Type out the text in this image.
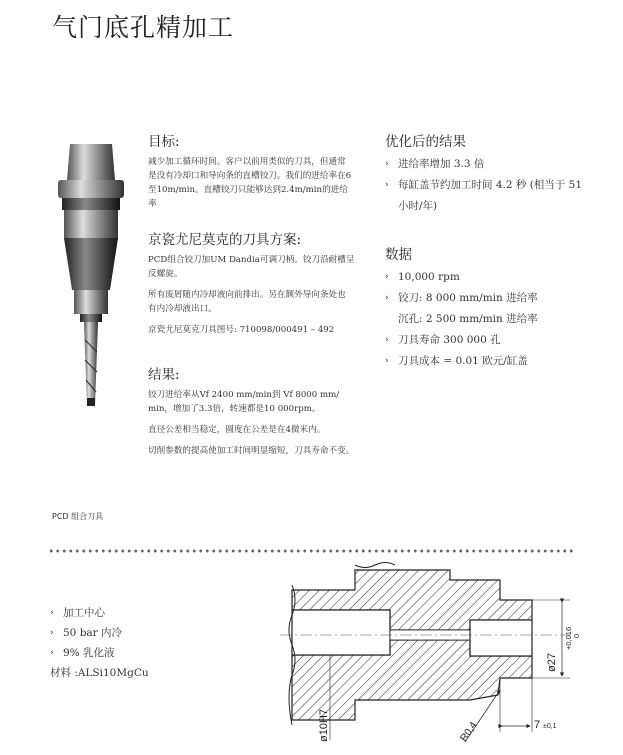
气门底孔精加工
目标:

减少加工循环时间。客户以前用类似的刀具，但通常

是没有冷却口和导向条的直槽铰刀。我们的进给率在6

至10m/min。直槽铰刀只能够达到2.4m/min的进给

率

京瓷尤尼莫克的刀具方案:

PCD组合铰刀加UM Dandia可调刀柄。铰刀沿耐槽呈

反螺旋。

所有废屑随内冷却液向前排出。另在额外导向条处也

有内冷却液出口。

京瓷尤尼莫克刀具图号: 710098/000491 – 492

结果:

铰刀进给率从Vf 2400 mm/min到 Vf 8000 mm/

min，增加了3.3倍，转速都是10 000rpm。

直径公差相当稳定，圆度在公差是在4微米内。

切削参数的提高使加工时间明显缩短，刀具寿命不变。

优化后的结果
› 进给率增加 3.3 倍
› 每缸盖节约加工时间 4.2 秒 (相当于 51
小时/年)
数据
› 10,000 rpm
› 铰刀: 8 000 mm/min 进给率
沉孔: 2 500 mm/min 进给率
› 刀具寿命 300 000 孔
› 刀具成本 = 0.01 欧元/缸盖
PCD 组合刀具
› 加工中心
› 50 bar 内冷
› 9% 乳化液
材料 :ALSi10MgCu
ø27
+0,016 0
ø10H7	R0,4	7 ±0,1
